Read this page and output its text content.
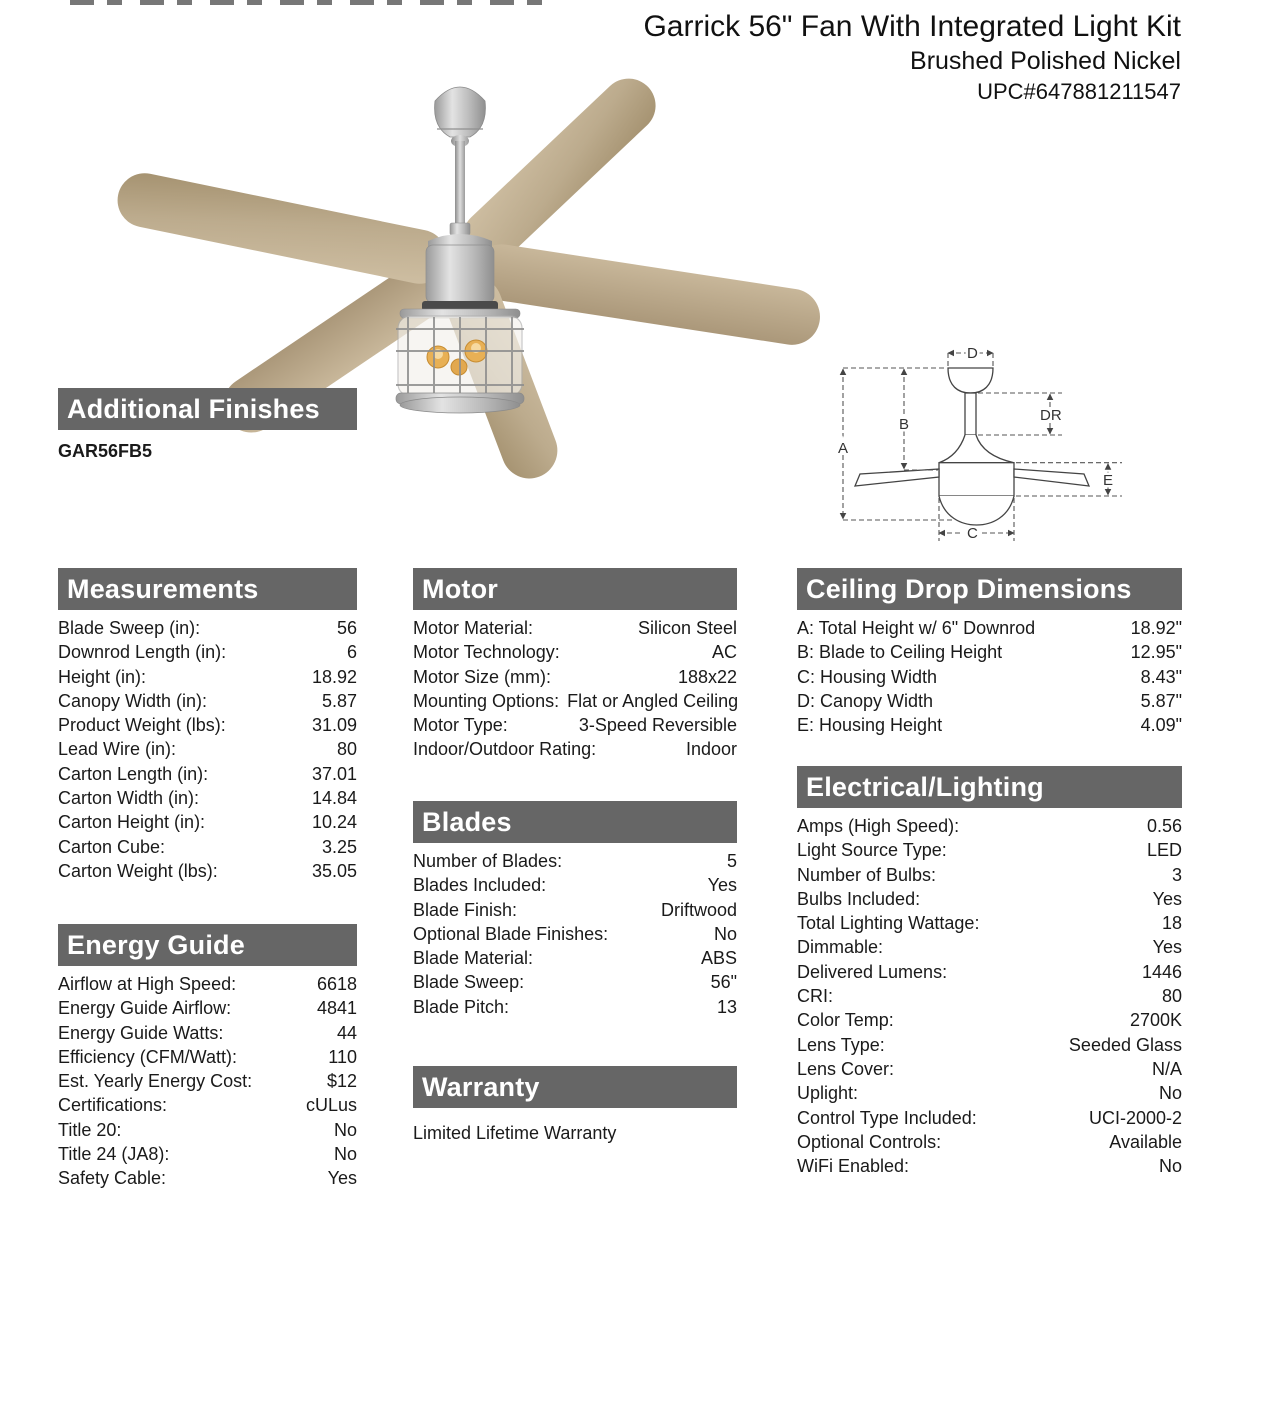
Garrick 56" Fan With Integrated Light Kit
Brushed Polished Nickel
UPC#647881211547
D
A
B
DR
E
C
Additional Finishes
GAR56FB5
Measurements
Blade Sweep (in):	56
Downrod Length (in):	6
Height (in):	18.92
Canopy Width (in):	5.87
Product Weight (lbs):	31.09
Lead Wire (in):	80
Carton Length (in):	37.01
Carton Width (in):	14.84
Carton Height (in):	10.24
Carton Cube:	3.25
Carton Weight (lbs):	35.05
Energy Guide
Airflow at High Speed:	6618
Energy Guide Airflow:	4841
Energy Guide Watts:	44
Efficiency (CFM/Watt):	110
Est. Yearly Energy Cost:	$12
Certifications:	cULus
Title 20:	No
Title 24 (JA8):	No
Safety Cable:	Yes
Motor
Motor Material:	Silicon Steel
Motor Technology:	AC
Motor Size (mm):	188x22
Mounting Options: Flat or Angled Ceiling
Motor Type:	3-Speed Reversible
Indoor/Outdoor Rating:	Indoor
Blades
Number of Blades:	5
Blades Included:	Yes
Blade Finish:	Driftwood
Optional Blade Finishes:	No
Blade Material:	ABS
Blade Sweep:	56"
Blade Pitch:	13
Warranty
Limited Lifetime Warranty
Ceiling Drop Dimensions
A: Total Height w/ 6" Downrod	18.92"
B: Blade to Ceiling Height	12.95"
C: Housing Width	8.43"
D: Canopy Width	5.87"
E: Housing Height	4.09"
Electrical/Lighting
Amps (High Speed):	0.56
Light Source Type:	LED
Number of Bulbs:	3
Bulbs Included:	Yes
Total Lighting Wattage:	18
Dimmable:	Yes
Delivered Lumens:	1446
CRI:	80
Color Temp:	2700K
Lens Type:	Seeded Glass
Lens Cover:	N/A
Uplight:	No
Control Type Included:	UCI-2000-2
Optional Controls:	Available
WiFi Enabled:	No
